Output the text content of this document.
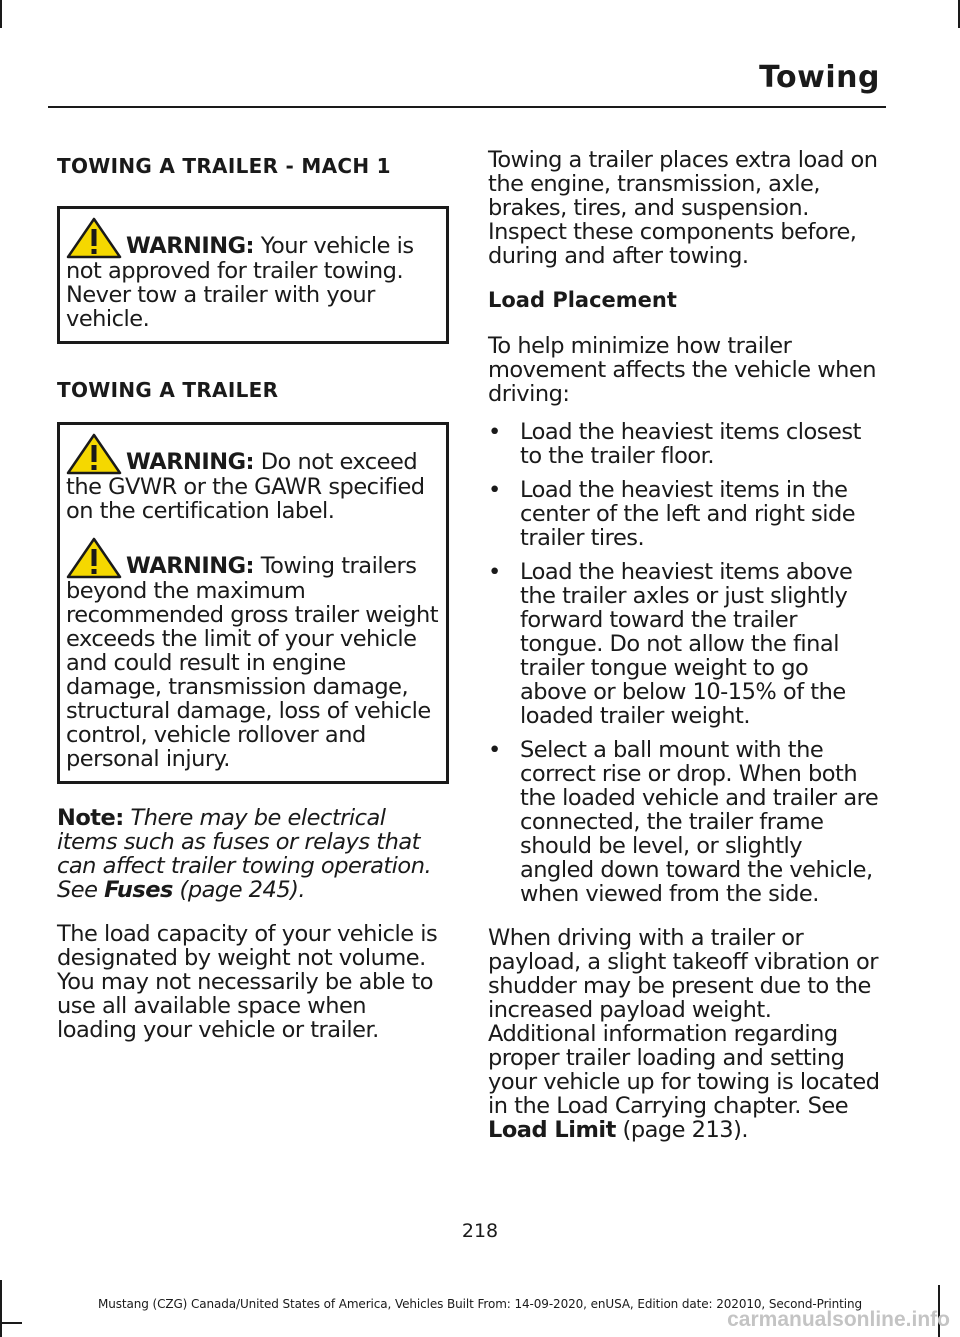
Towing
TOWING A TRAILER - MACH 1

WARNING: Your vehicle is not approved for trailer towing. Never tow a trailer with your vehicle.

TOWING A TRAILER

WARNING: Do not exceed the GVWR or the GAWR specified on the certification label.

WARNING: Towing trailers beyond the maximum recommended gross trailer weight exceeds the limit of your vehicle and could result in engine damage, transmission damage, structural damage, loss of vehicle control, vehicle rollover and personal injury.

Note: There may be electrical items such as fuses or relays that can affect trailer towing operation. See Fuses (page 245).

The load capacity of your vehicle is designated by weight not volume. You may not necessarily be able to use all available space when loading your vehicle or trailer.

Towing a trailer places extra load on the engine, transmission, axle, brakes, tires, and suspension. Inspect these components before, during and after towing.

Load Placement

To help minimize how trailer movement affects the vehicle when driving:

• Load the heaviest items closest to the trailer floor.
• Load the heaviest items in the center of the left and right side trailer tires.
• Load the heaviest items above the trailer axles or just slightly forward toward the trailer tongue. Do not allow the final trailer tongue weight to go above or below 10-15% of the loaded trailer weight.
• Select a ball mount with the correct rise or drop. When both the loaded vehicle and trailer are connected, the trailer frame should be level, or slightly angled down toward the vehicle, when viewed from the side.

When driving with a trailer or payload, a slight takeoff vibration or shudder may be present due to the increased payload weight. Additional information regarding proper trailer loading and setting your vehicle up for towing is located in the Load Carrying chapter. See Load Limit (page 213).

218
Mustang (CZG) Canada/United States of America, Vehicles Built From: 14-09-2020, enUSA, Edition date: 202010, Second-Printing
carmanualsonline.info
